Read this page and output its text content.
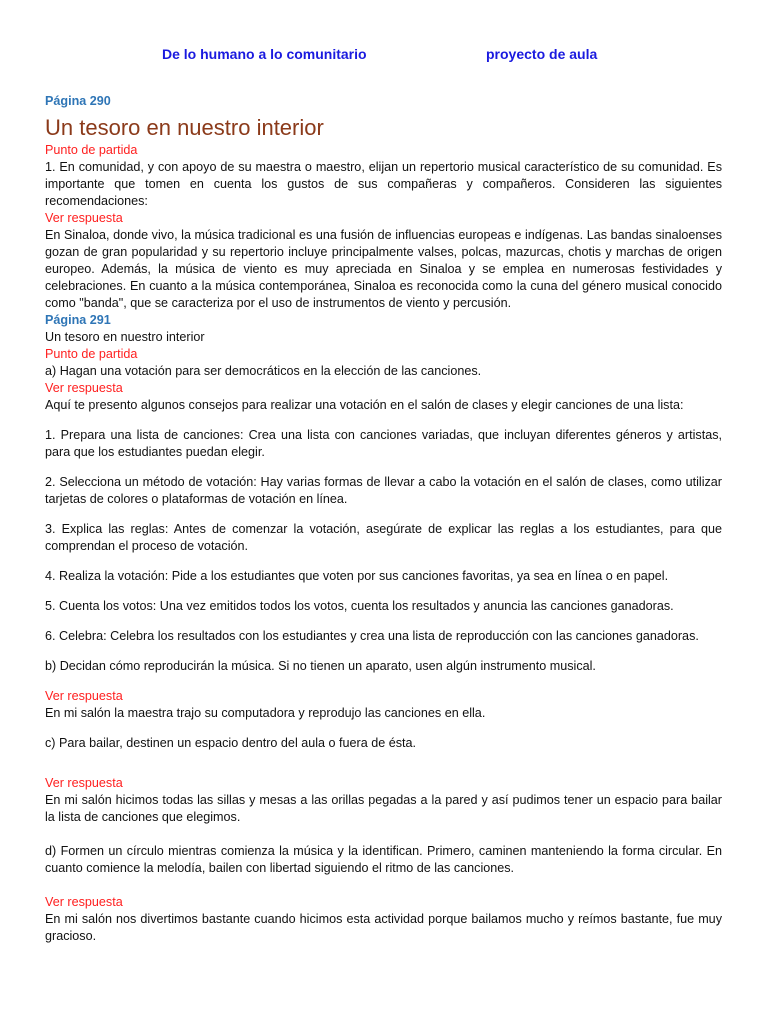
De lo humano a lo comunitario	proyecto de aula

Página 290

Un tesoro en nuestro interior

Punto de partida

1. En comunidad, y con apoyo de su maestra o maestro, elijan un repertorio musical característico de su comunidad. Es importante que tomen en cuenta los gustos de sus compañeras y compañeros. Consideren las siguientes recomendaciones:

Ver respuesta

En Sinaloa, donde vivo, la música tradicional es una fusión de influencias europeas e indígenas. Las bandas sinaloenses gozan de gran popularidad y su repertorio incluye principalmente valses, polcas, mazurcas, chotis y marchas de origen europeo. Además, la música de viento es muy apreciada en Sinaloa y se emplea en numerosas festividades y celebraciones. En cuanto a la música contemporánea, Sinaloa es reconocida como la cuna del género musical conocido como "banda", que se caracteriza por el uso de instrumentos de viento y percusión.

Página 291

Un tesoro en nuestro interior

Punto de partida

a) Hagan una votación para ser democráticos en la elección de las canciones.

Ver respuesta

Aquí te presento algunos consejos para realizar una votación en el salón de clases y elegir canciones de una lista:

1. Prepara una lista de canciones: Crea una lista con canciones variadas, que incluyan diferentes géneros y artistas, para que los estudiantes puedan elegir.

2. Selecciona un método de votación: Hay varias formas de llevar a cabo la votación en el salón de clases, como utilizar tarjetas de colores o plataformas de votación en línea.

3. Explica las reglas: Antes de comenzar la votación, asegúrate de explicar las reglas a los estudiantes, para que comprendan el proceso de votación.

4. Realiza la votación: Pide a los estudiantes que voten por sus canciones favoritas, ya sea en línea o en papel.

5. Cuenta los votos: Una vez emitidos todos los votos, cuenta los resultados y anuncia las canciones ganadoras.

6. Celebra: Celebra los resultados con los estudiantes y crea una lista de reproducción con las canciones ganadoras.

b) Decidan cómo reproducirán la música. Si no tienen un aparato, usen algún instrumento musical.

Ver respuesta

En mi salón la maestra trajo su computadora y reprodujo las canciones en ella.

c) Para bailar, destinen un espacio dentro del aula o fuera de ésta.

Ver respuesta

En mi salón hicimos todas las sillas y mesas a las orillas pegadas a la pared y así pudimos tener un espacio para bailar la lista de canciones que elegimos.

d) Formen un círculo mientras comienza la música y la identifican. Primero, caminen manteniendo la forma circular. En cuanto comience la melodía, bailen con libertad siguiendo el ritmo de las canciones.

Ver respuesta

En mi salón nos divertimos bastante cuando hicimos esta actividad porque bailamos mucho y reímos bastante, fue muy gracioso.
